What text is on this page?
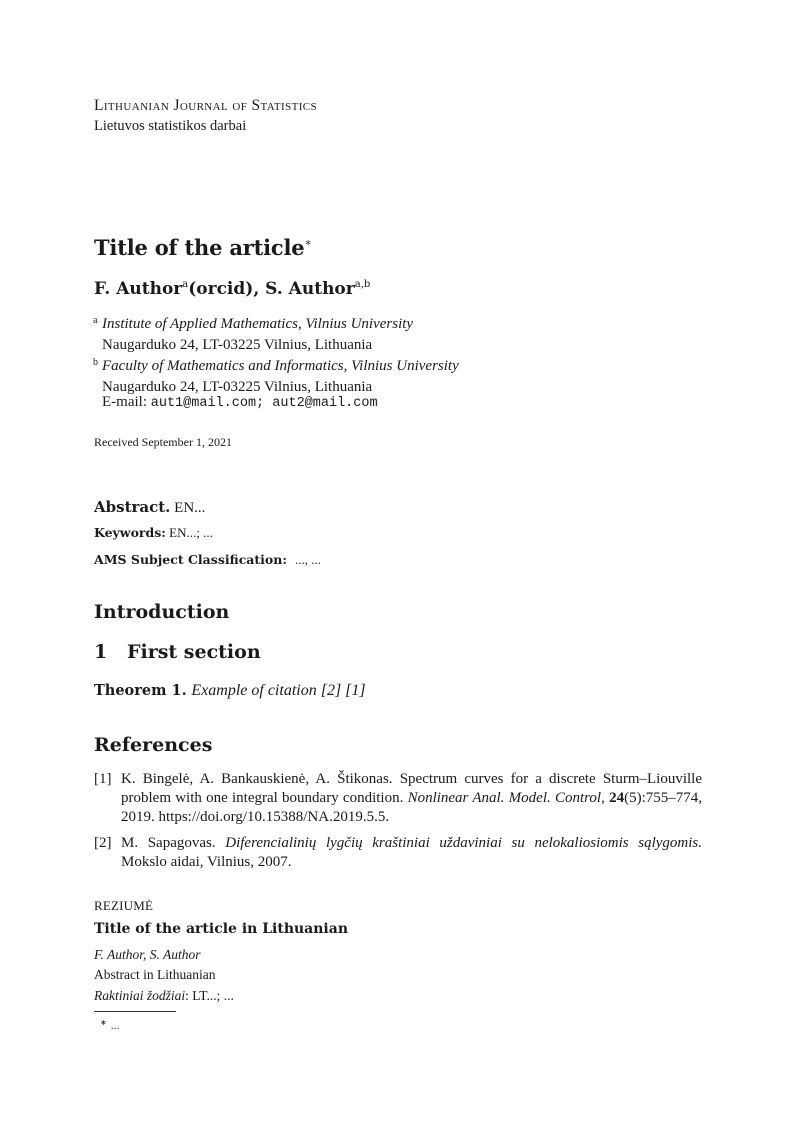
Lithuanian Journal of Statistics
Lietuvos statistikos darbai
Title of the article∗
F. Author$^a$(orcid), S. Author$^{a,b}$
a Institute of Applied Mathematics, Vilnius University
Naugarduko 24, LT-03225 Vilnius, Lithuania
b Faculty of Mathematics and Informatics, Vilnius University
Naugarduko 24, LT-03225 Vilnius, Lithuania
E-mail: aut1@mail.com; aut2@mail.com
Received September 1, 2021
Abstract. EN...
Keywords: EN...; ...
AMS Subject Classification: ..., ...
Introduction
1 First section
Theorem 1. Example of citation [2] [1]
References
[1] K. Bingelė, A. Bankauskienė, A. Štikonas. Spectrum curves for a discrete Sturm–Liouville problem with one integral boundary condition. Nonlinear Anal. Model. Control, 24(5):755–774, 2019. https://doi.org/10.15388/NA.2019.5.5.
[2] M. Sapagovas. Diferencialinių lygčių kraštiniai uždaviniai su nelokaliosiomis sąlygomis. Mokslo aidai, Vilnius, 2007.
REZIUMĖ
Title of the article in Lithuanian
F. Author, S. Author
Abstract in Lithuanian
Raktiniai žodžiai: LT...; ...
∗ ...
